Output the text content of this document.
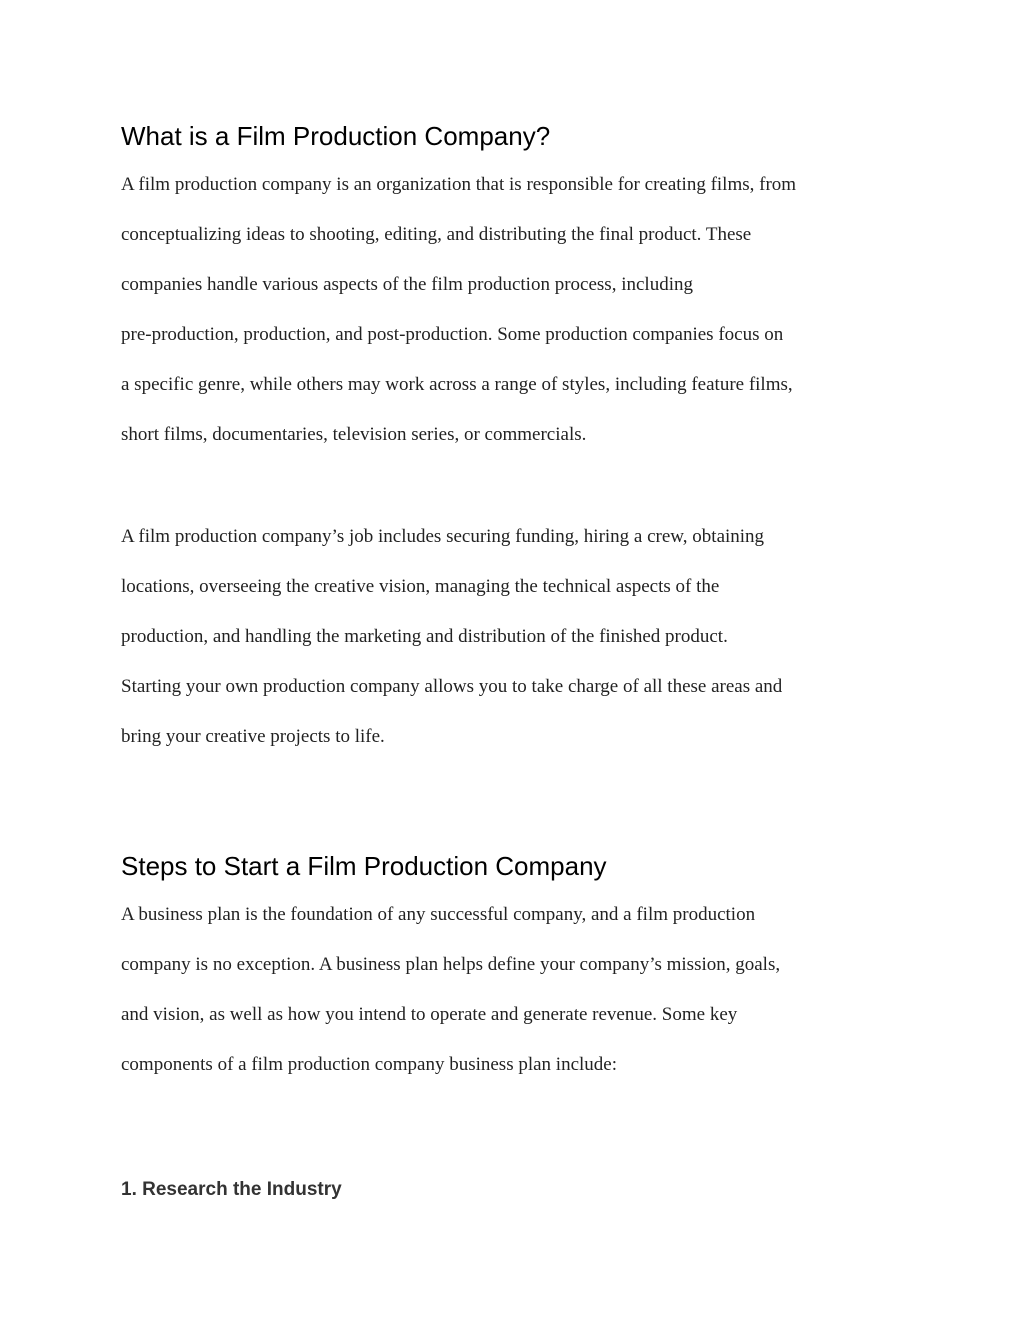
What is a Film Production Company?
A film production company is an organization that is responsible for creating films, from
conceptualizing ideas to shooting, editing, and distributing the final product. These
companies handle various aspects of the film production process, including
pre-production, production, and post-production. Some production companies focus on
a specific genre, while others may work across a range of styles, including feature films,
short films, documentaries, television series, or commercials.
A film production company’s job includes securing funding, hiring a crew, obtaining
locations, overseeing the creative vision, managing the technical aspects of the
production, and handling the marketing and distribution of the finished product.
Starting your own production company allows you to take charge of all these areas and
bring your creative projects to life.
Steps to Start a Film Production Company
A business plan is the foundation of any successful company, and a film production
company is no exception. A business plan helps define your company’s mission, goals,
and vision, as well as how you intend to operate and generate revenue. Some key
components of a film production company business plan include:
1. Research the Industry
